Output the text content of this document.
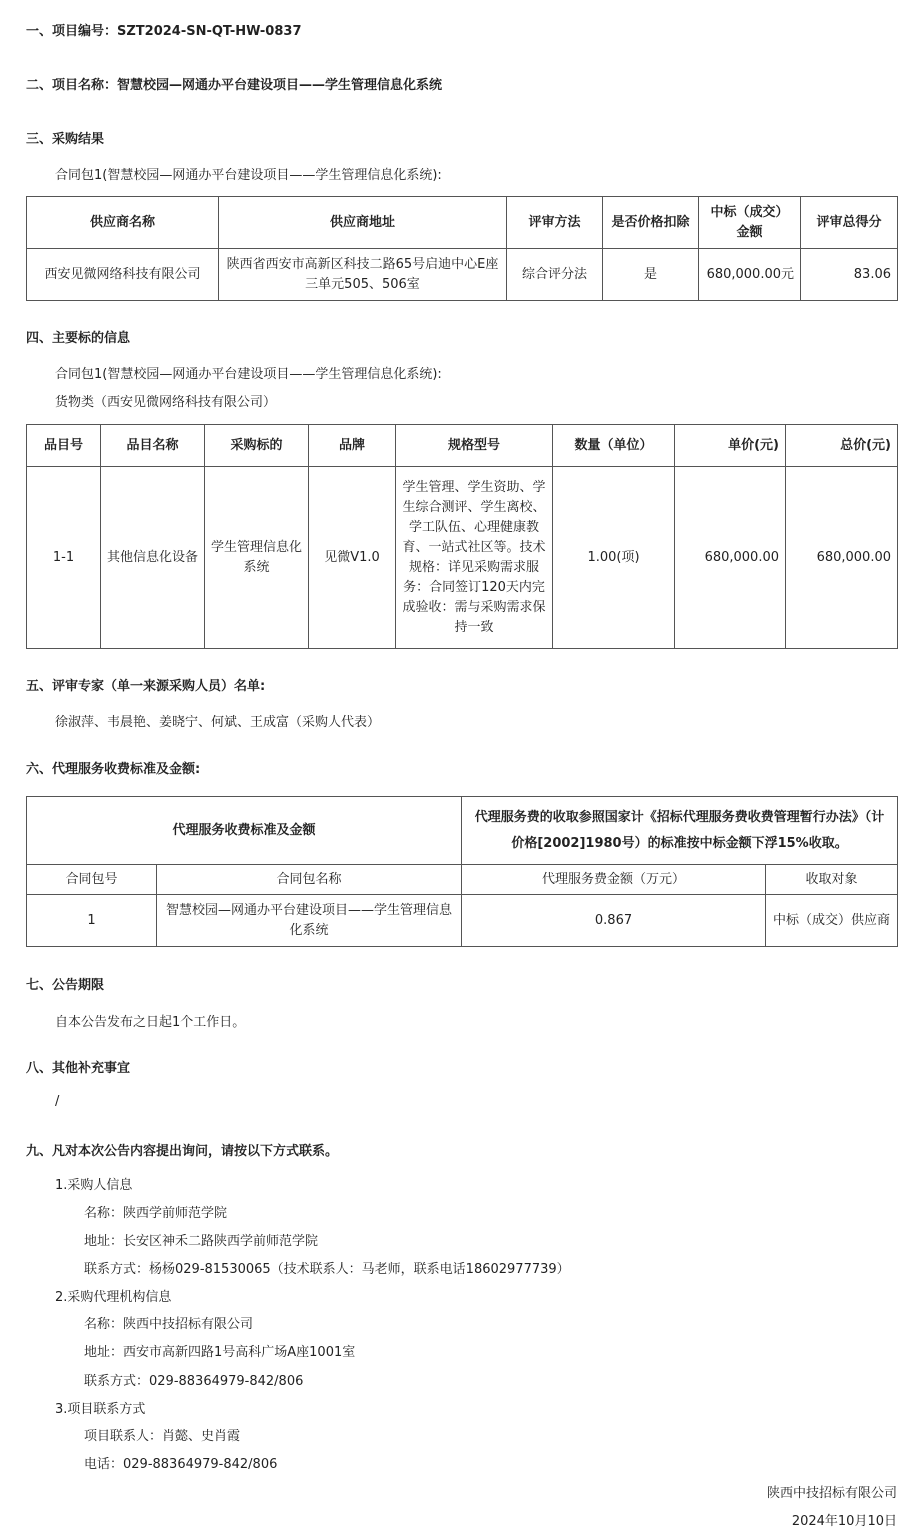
一、项目编号：SZT2024-SN-QT-HW-0837
二、项目名称：智慧校园—网通办平台建设项目——学生管理信息化系统
三、采购结果
合同包1(智慧校园—网通办平台建设项目——学生管理信息化系统):
供应商名称	供应商地址	评审方法	是否价格扣除	中标（成交）金额	评审总得分
西安见微网络科技有限公司	陕西省西安市高新区科技二路65号启迪中心E座三单元505、506室	综合评分法	是	680,000.00元	83.06
四、主要标的信息
合同包1(智慧校园—网通办平台建设项目——学生管理信息化系统):
货物类（西安见微网络科技有限公司）
品目号	品目名称	采购标的	品牌	规格型号	数量（单位）	单价(元)	总价(元)
1-1	其他信息化设备	学生管理信息化系统	见微V1.0	学生管理、学生资助、学生综合测评、学生离校、学工队伍、心理健康教育、一站式社区等。技术规格：详见采购需求服务：合同签订120天内完成验收：需与采购需求保持一致	1.00(项)	680,000.00	680,000.00
五、评审专家（单一来源采购人员）名单:
徐淑萍、韦晨艳、姜晓宁、何斌、王成富（采购人代表）
六、代理服务收费标准及金额:
代理服务收费标准及金额		代理服务费的收取参照国家计《招标代理服务费收费管理暂行办法》（计价格[2002]1980号）的标准按中标金额下浮15%收取。	
合同包号	合同包名称	代理服务费金额（万元）	收取对象
1	智慧校园—网通办平台建设项目——学生管理信息化系统	0.867	中标（成交）供应商
七、公告期限
自本公告发布之日起1个工作日。
八、其他补充事宜
/
九、凡对本次公告内容提出询问，请按以下方式联系。
1.采购人信息
名称：陕西学前师范学院
地址：长安区神禾二路陕西学前师范学院
联系方式：杨杨029-81530065（技术联系人：马老师，联系电话18602977739）
2.采购代理机构信息
名称：陕西中技招标有限公司
地址：西安市高新四路1号高科广场A座1001室
联系方式：029-88364979-842/806
3.项目联系方式
项目联系人：肖懿、史肖霞
电话：029-88364979-842/806
陕西中技招标有限公司
2024年10月10日
